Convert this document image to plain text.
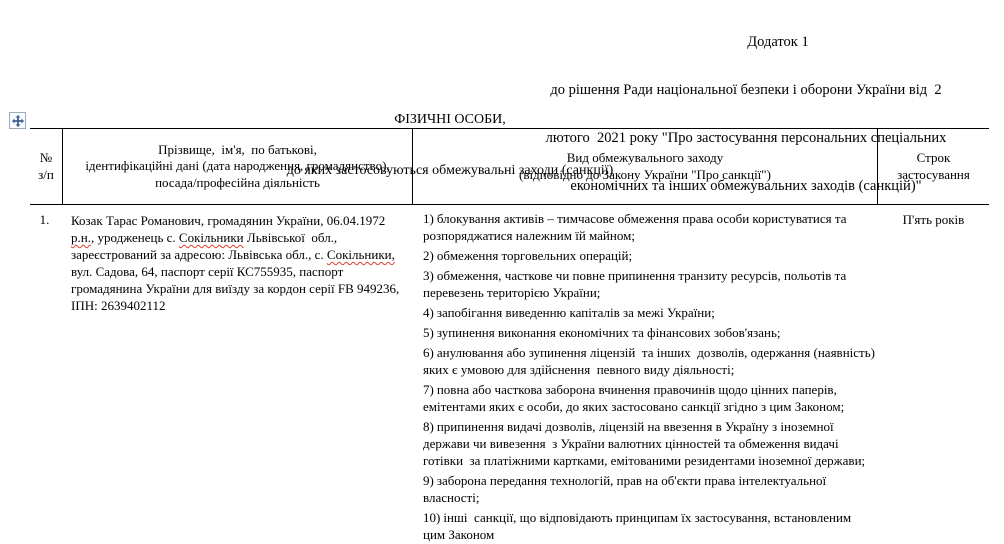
Додаток 1

до рішення Ради національної безпеки і оборони України від  2

лютого  2021 року "Про застосування персональних спеціальних

економічних та інших обмежувальних заходів (санкцій)"

ФІЗИЧНІ ОСОБИ,

до яких застосовуються обмежувальні заходи (санкції)

№
з/п
Прізвище,  ім'я,  по батькові,
ідентифікаційні дані (дата народження, громадянство),
посада/професійна діяльність
Вид обмежувального заходу
(відповідно до Закону України "Про санкції")
Строк
застосування
1.	Козак Тарас Романович, громадянин України, 06.04.1972 р.н., уродженець с. Сокільники Львівської  обл., зареєстрований за адресою: Львівська обл., с. Сокільники, вул. Садова, 64, паспорт серії КС755935, паспорт громадянина України для виїзду за кордон серії FB 949236, ІПН: 2639402112

1) блокування активів – тимчасове обмеження права особи користуватися та розпоряджатися належним їй майном;

2) обмеження торговельних операцій;

3) обмеження, часткове чи повне припинення транзиту ресурсів, польотів та перевезень територією України;

4) запобігання виведенню капіталів за межі України;

5) зупинення виконання економічних та фінансових зобов'язань;

6) анулювання або зупинення ліцензій  та інших  дозволів, одержання (наявність) яких є умовою для здійснення  певного виду діяльності;

7) повна або часткова заборона вчинення правочинів щодо цінних паперів, емітентами яких є особи, до яких застосовано санкції згідно з цим Законом;

8) припинення видачі дозволів, ліцензій на ввезення в Україну з іноземної держави чи вивезення  з України валютних цінностей та обмеження видачі готівки  за платіжними картками, емітованими резидентами іноземної держави;

9) заборона передання технологій, прав на об'єкти права інтелектуальної власності;

10) інші  санкції, що відповідають принципам їх застосування, встановленим цим Законом

П'ять років
